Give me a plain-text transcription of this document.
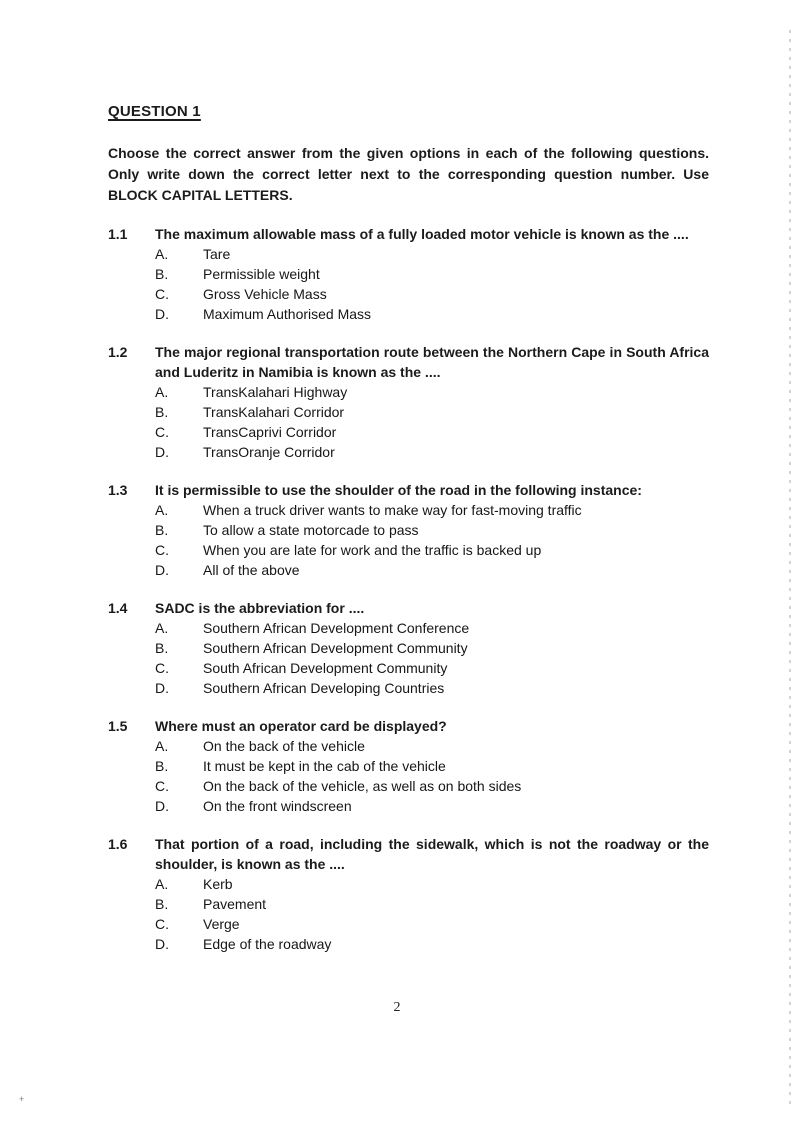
QUESTION 1

Choose the correct answer from the given options in each of the following questions. Only write down the correct letter next to the corresponding question number. Use BLOCK CAPITAL LETTERS.

1.1	The maximum allowable mass of a fully loaded motor vehicle is known as the ....
A.	Tare
B.	Permissible weight
C.	Gross Vehicle Mass
D.	Maximum Authorised Mass
1.2	The major regional transportation route between the Northern Cape in South Africa and Luderitz in Namibia is known as the ....
A.	TransKalahari Highway
B.	TransKalahari Corridor
C.	TransCaprivi Corridor
D.	TransOranje Corridor
1.3	It is permissible to use the shoulder of the road in the following instance:
A.	When a truck driver wants to make way for fast-moving traffic
B.	To allow a state motorcade to pass
C.	When you are late for work and the traffic is backed up
D.	All of the above
1.4	SADC is the abbreviation for ....
A.	Southern African Development Conference
B.	Southern African Development Community
C.	South African Development Community
D.	Southern African Developing Countries
1.5	Where must an operator card be displayed?
A.	On the back of the vehicle
B.	It must be kept in the cab of the vehicle
C.	On the back of the vehicle, as well as on both sides
D.	On the front windscreen
1.6	That portion of a road, including the sidewalk, which is not the roadway or the shoulder, is known as the ....
A.	Kerb
B.	Pavement
C.	Verge
D.	Edge of the roadway
2
+
